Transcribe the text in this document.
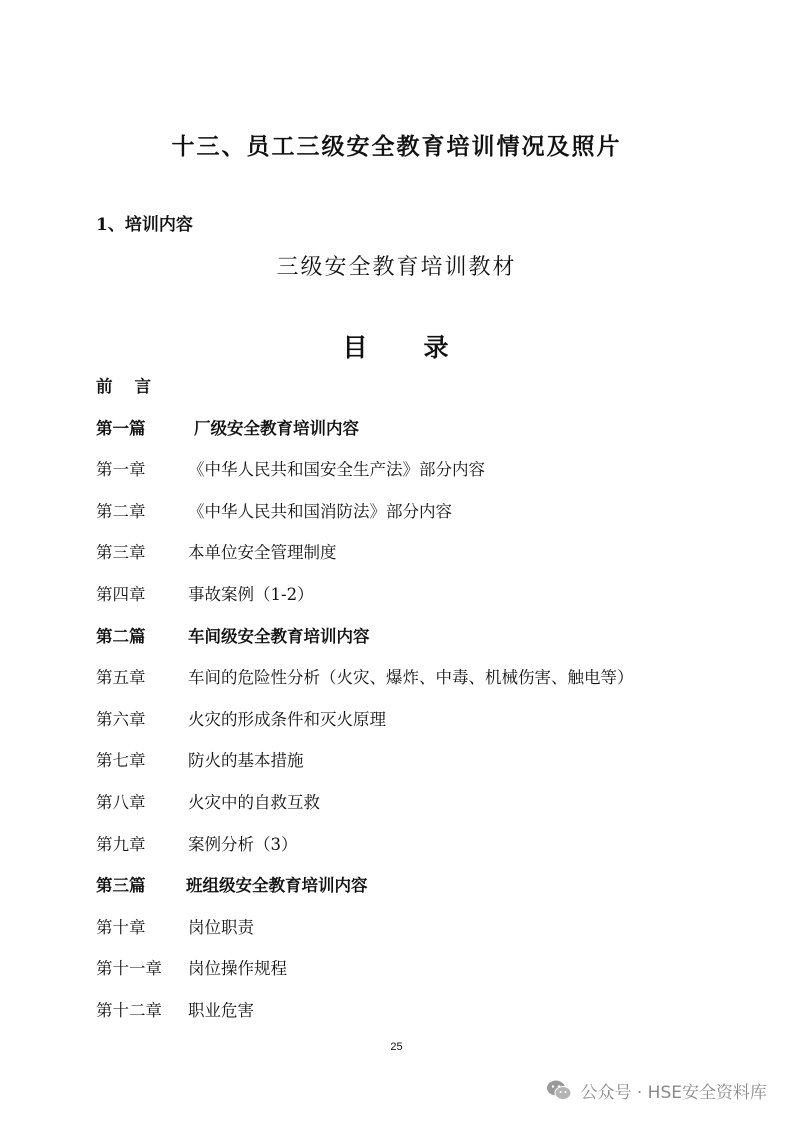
十三、员工三级安全教育培训情况及照片
1、培训内容
三级安全教育培训教材
目 录
前言
第一篇	厂级安全教育培训内容
第一章	《中华人民共和国安全生产法》部分内容
第二章	《中华人民共和国消防法》部分内容
第三章	本单位安全管理制度
第四章	事故案例（1-2）
第二篇	车间级安全教育培训内容
第五章	车间的危险性分析（火灾、爆炸、中毒、机械伤害、触电等）
第六章	火灾的形成条件和灭火原理
第七章	防火的基本措施
第八章	火灾中的自救互救
第九章	案例分析（3）
第三篇 班组级安全教育培训内容
第十章	岗位职责
第十一章 岗位操作规程
第十二章 职业危害
25
公众号 · HSE安全资料库
